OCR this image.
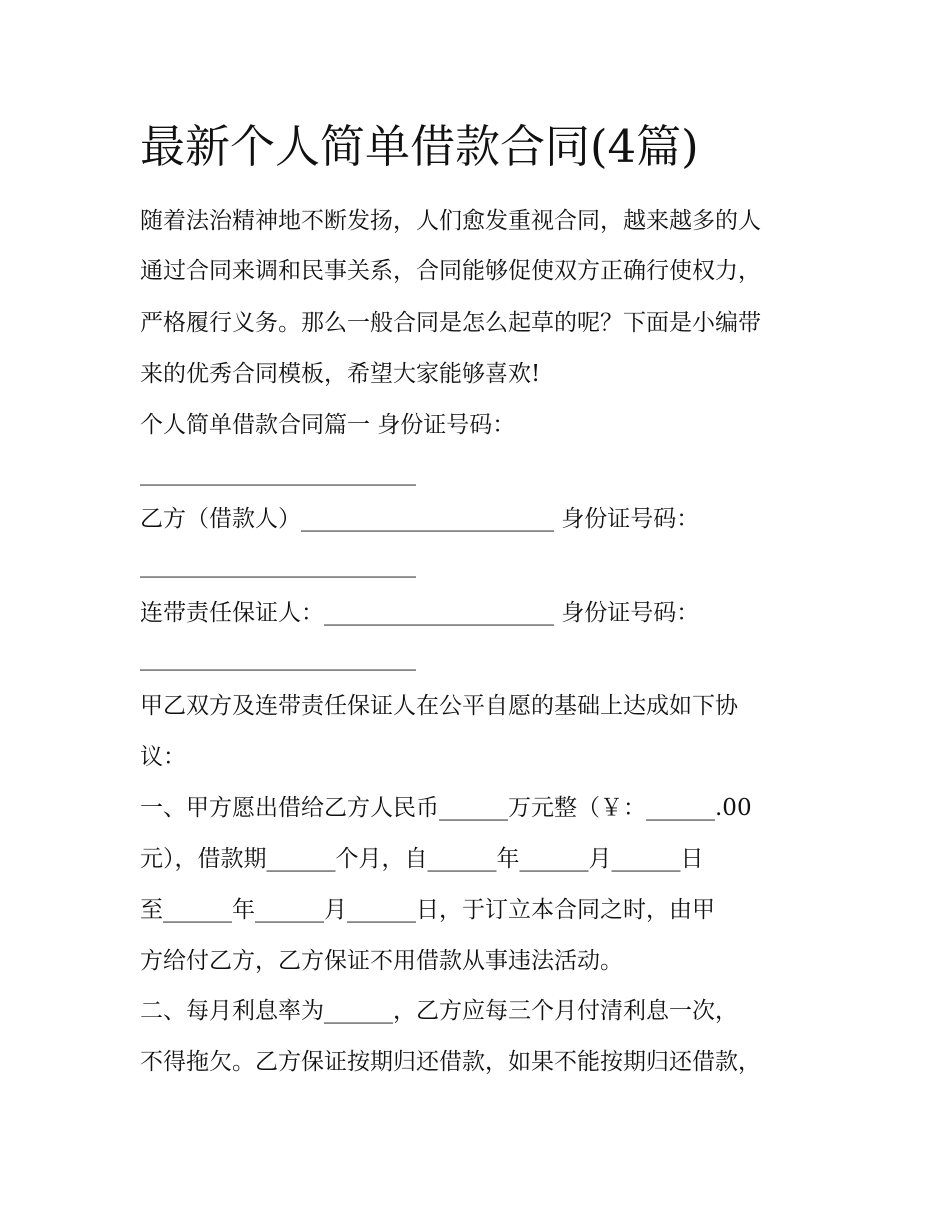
最新个人简单借款合同(4篇)
随着法治精神地不断发扬，人们愈发重视合同，越来越多的人
通过合同来调和民事关系，合同能够促使双方正确行使权力，
严格履行义务。那么一般合同是怎么起草的呢？下面是小编带
来的优秀合同模板，希望大家能够喜欢!
个人简单借款合同篇一 身份证号码：
________________________
乙方（借款人）______________________ 身份证号码：
________________________
连带责任保证人：____________________ 身份证号码：
________________________
甲乙双方及连带责任保证人在公平自愿的基础上达成如下协
议：
一、甲方愿出借给乙方人民币______万元整（￥：______.00
元），借款期______个月，自______年______月______日
至______年______月______日，于订立本合同之时，由甲
方给付乙方，乙方保证不用借款从事违法活动。
二、每月利息率为______，乙方应每三个月付清利息一次，
不得拖欠。乙方保证按期归还借款，如果不能按期归还借款，
